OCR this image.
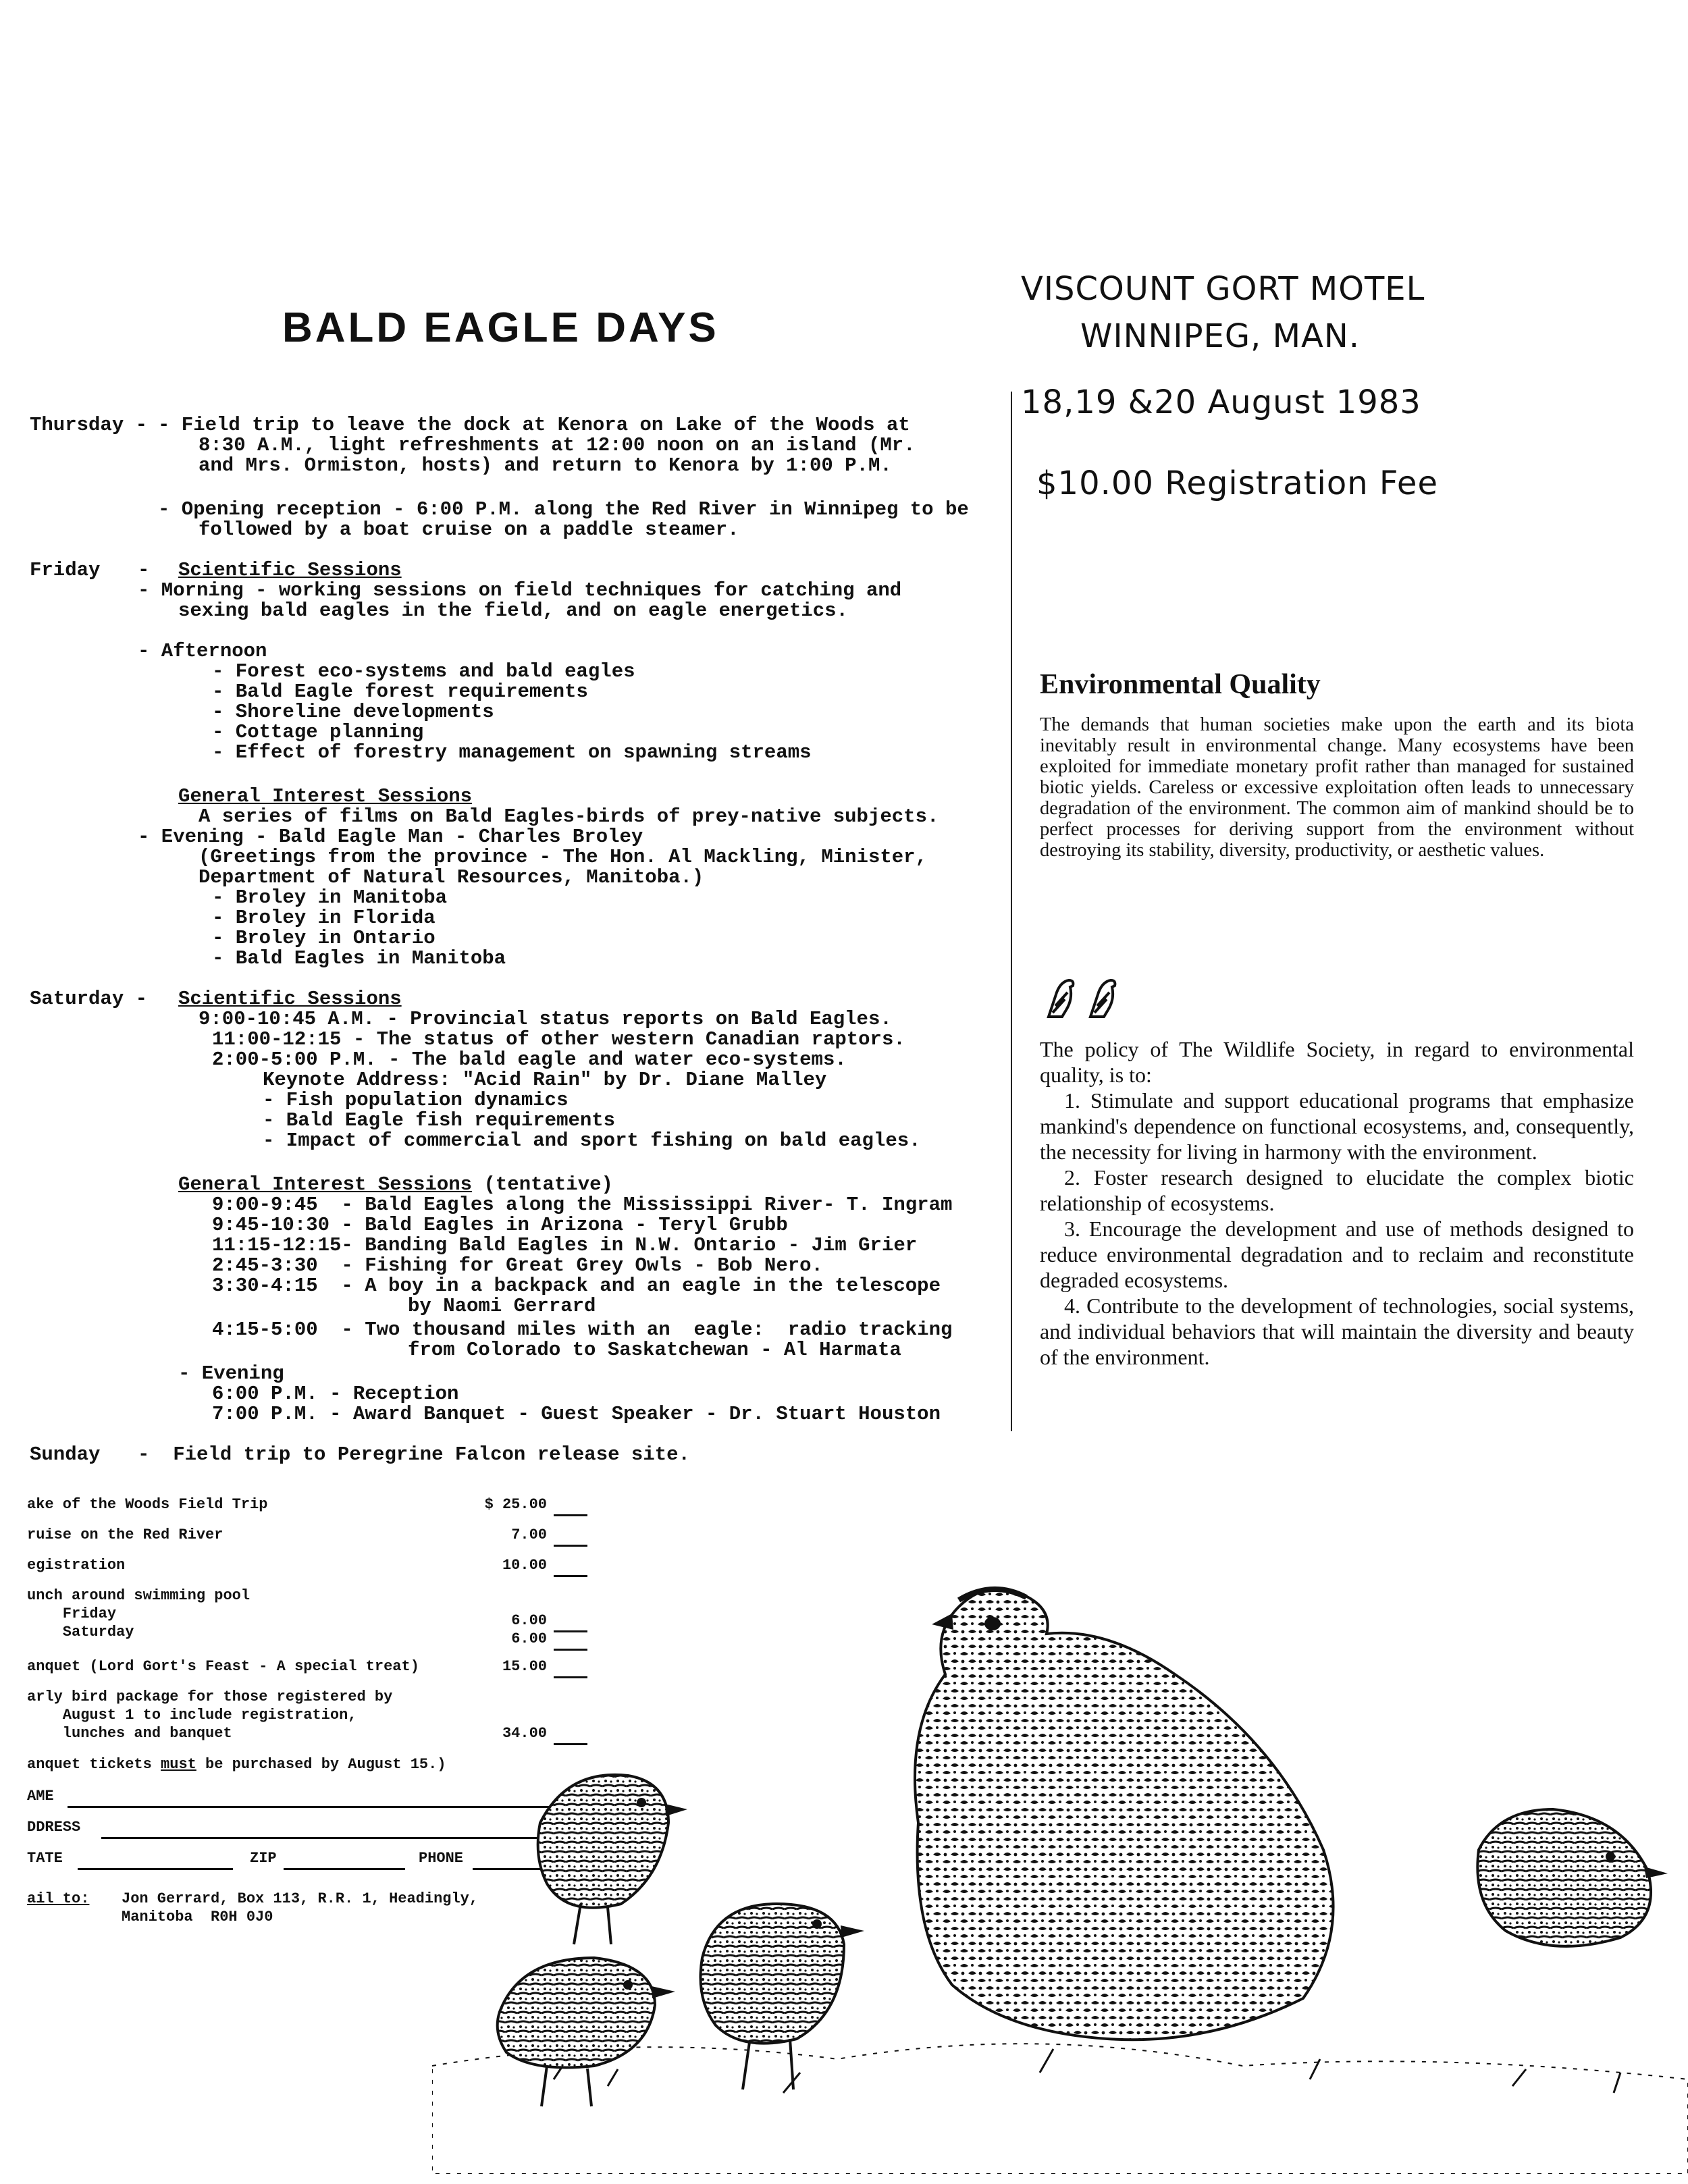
BALD EAGLE DAYS
VISCOUNT GORT MOTEL
WINNIPEG, MAN.
18,19 &20 August 1983
$10.00 Registration Fee
Thursday - - Field trip to leave the dock at Kenora on Lake of the Woods at
8:30 A.M., light refreshments at 12:00 noon on an island (Mr.
and Mrs. Ormiston, hosts) and return to Kenora by 1:00 P.M.
- Opening reception - 6:00 P.M. along the Red River in Winnipeg to be
followed by a boat cruise on a paddle steamer.
Friday - Scientific Sessions
- Morning - working sessions on field techniques for catching and
sexing bald eagles in the field, and on eagle energetics.
- Afternoon
- Forest eco-systems and bald eagles
- Bald Eagle forest requirements
- Shoreline developments
- Cottage planning
- Effect of forestry management on spawning streams
General Interest Sessions
A series of films on Bald Eagles-birds of prey-native subjects.
- Evening - Bald Eagle Man - Charles Broley
(Greetings from the province - The Hon. Al Mackling, Minister,
Department of Natural Resources, Manitoba.)
- Broley in Manitoba
- Broley in Florida
- Broley in Ontario
- Bald Eagles in Manitoba
Saturday - Scientific Sessions
9:00-10:45 A.M. - Provincial status reports on Bald Eagles.
11:00-12:15 - The status of other western Canadian raptors.
2:00-5:00 P.M. - The bald eagle and water eco-systems.
Keynote Address: "Acid Rain" by Dr. Diane Malley
- Fish population dynamics
- Bald Eagle fish requirements
- Impact of commercial and sport fishing on bald eagles.
General Interest Sessions (tentative)
9:00-9:45  - Bald Eagles along the Mississippi River- T. Ingram
9:45-10:30 - Bald Eagles in Arizona - Teryl Grubb
11:15-12:15- Banding Bald Eagles in N.W. Ontario - Jim Grier
2:45-3:30  - Fishing for Great Grey Owls - Bob Nero.
3:30-4:15  - A boy in a backpack and an eagle in the telescope
by Naomi Gerrard
4:15-5:00  - Two thousand miles with an  eagle:  radio tracking
from Colorado to Saskatchewan - Al Harmata
- Evening
6:00 P.M. - Reception
7:00 P.M. - Award Banquet - Guest Speaker - Dr. Stuart Houston
Sunday -  Field trip to Peregrine Falcon release site.
Environmental Quality

The demands that human societies make upon the earth and its biota inevitably result in environmental change. Many ecosystems have been exploited for immediate monetary profit rather than managed for sustained biotic yields. Careless or excessive exploitation often leads to unnecessary degradation of the environment. The common aim of mankind should be to perfect processes for deriving support from the environment without destroying its stability, diversity, productivity, or aesthetic values.

The policy of The Wildlife Society, in regard to environmental quality, is to:

1. Stimulate and support educational programs that emphasize mankind's dependence on functional ecosystems, and, consequently, the necessity for living in harmony with the environment.

2. Foster research designed to elucidate the complex biotic relationship of ecosystems.

3. Encourage the development and use of methods designed to reduce environmental degradation and to reclaim and reconstitute degraded ecosystems.

4. Contribute to the development of technologies, social systems, and individual behaviors that will maintain the diversity and beauty of the environment.

ake of the Woods Field Trip	$ 25.00
ruise on the Red River	7.00
egistration	10.00
unch around swimming pool
Friday	6.00
Saturday	6.00
anquet (Lord Gort's Feast - A special treat)	15.00
arly bird package for those registered by
August 1 to include registration,
lunches and banquet	34.00
anquet tickets must be purchased by August 15.)
AME
DDRESS
TATE	ZIP	PHONE
ail to: Jon Gerrard, Box 113, R.R. 1, Headingly,
Manitoba  R0H 0J0
